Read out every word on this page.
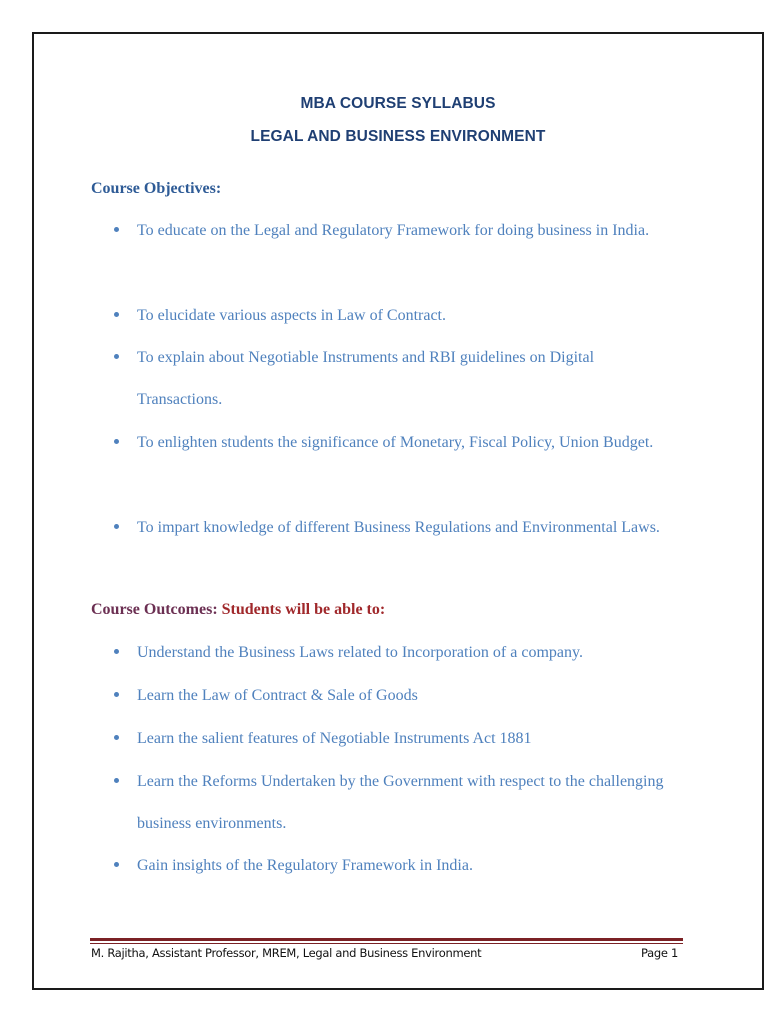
MBA COURSE SYLLABUS
LEGAL AND BUSINESS ENVIRONMENT
Course Objectives:
To educate on the Legal and Regulatory Framework for doing business in India.
To elucidate various aspects in Law of Contract.
To explain about Negotiable Instruments and RBI guidelines on Digital Transactions.
To enlighten students the significance of Monetary, Fiscal Policy, Union Budget.
To impart knowledge of different Business Regulations and Environmental Laws.
Course Outcomes: Students will be able to:
Understand the Business Laws related to Incorporation of a company.
Learn the Law of Contract & Sale of Goods
Learn the salient features of Negotiable Instruments Act 1881
Learn the Reforms Undertaken by the Government with respect to the challenging business environments.
Gain insights of the Regulatory Framework in India.
M. Rajitha, Assistant Professor, MREM, Legal and Business Environment	Page 1
